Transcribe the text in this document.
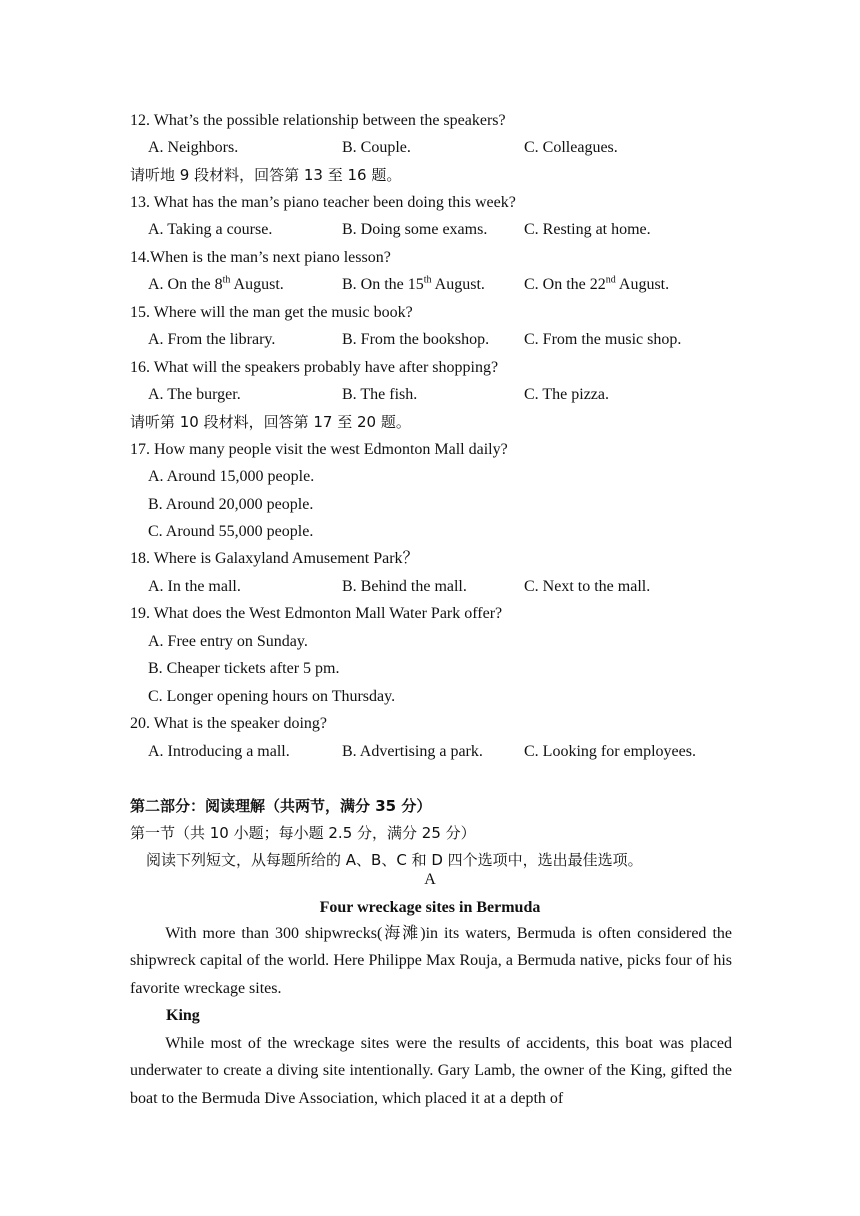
12. What’s the possible relationship between the speakers?
A. Neighbors.	B. Couple.	C. Colleagues.
请听地 9 段材料，回答第 13 至 16 题。
13. What has the man’s piano teacher been doing this week?
A. Taking a course.	B. Doing some exams. C. Resting at home.
14.When is the man’s next piano lesson?
A. On the 8th August.	B. On the 15th August. C. On the 22nd August.
15. Where will the man get the music book?
A. From the library.	B. From the bookshop. C. From the music shop.
16. What will the speakers probably have after shopping?
A. The burger.	B. The fish.	C. The pizza.
请听第 10 段材料，回答第 17 至 20 题。
17. How many people visit the west Edmonton Mall daily?
A. Around 15,000 people.
B. Around 20,000 people.
C. Around 55,000 people.
18. Where is Galaxyland Amusement Park？
A. In the mall.	B. Behind the mall.	C. Next to the mall.
19. What does the West Edmonton Mall Water Park offer?
A. Free entry on Sunday.
B. Cheaper tickets after 5 pm.
C. Longer opening hours on Thursday.
20. What is the speaker doing?
A. Introducing a mall.	B. Advertising a park.	C. Looking for employees.
第二部分：阅读理解（共两节，满分 35 分）
第一节（共 10 小题；每小题 2.5 分，满分 25 分）
阅读下列短文，从每题所给的 A、B、C 和 D 四个选项中，选出最佳选项。
A
Four wreckage sites in Bermuda
With more than 300 shipwrecks(海滩)in its waters, Bermuda is often considered the shipwreck capital of the world. Here Philippe Max Rouja, a Bermuda native, picks four of his favorite wreckage sites.
King
While most of the wreckage sites were the results of accidents, this boat was placed underwater to create a diving site intentionally. Gary Lamb, the owner of the King, gifted the boat to the Bermuda Dive Association, which placed it at a depth of
